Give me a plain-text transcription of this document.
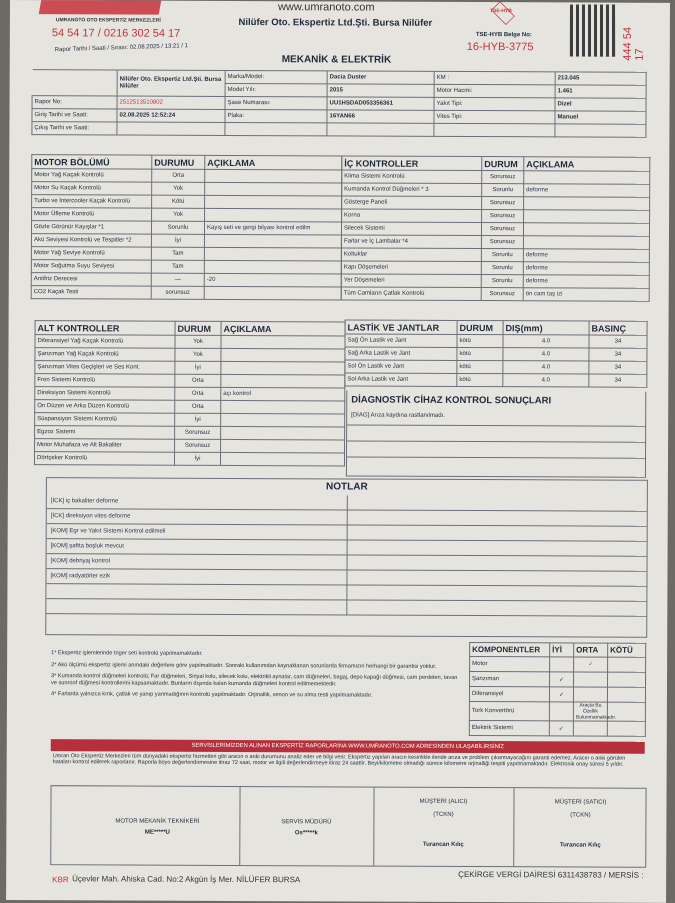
UMRANOTO OTO EKSPERTİZ MERKEZLERİ
54 54 17 / 0216 302 54 17
Rapor Tarihi / Saati / Sırası: 02.08.2025 / 13:21 / 1
www.umranoto.com
Nilüfer Oto. Ekspertiz Ltd.Şti. Bursa Nilüfer
MEKANİK & ELEKTRİK
TSE-HYB
TSE-HYB Belge No:
16-HYB-3775	444 54 17
	Nilüfer Oto. Ekspertiz Ltd.Şti. Bursa Nilüfer	Marka/Model:	Dacia Duster	KM :	213.045
		Model Yılı:	2015	Motor Hacmi:	1.461
Rapor No:	2512513510802	Şase Numarası:	UU1HSDAD053356361	Yakıt Tipi:	Dizel
Giriş Tarihi ve Saati:	02.08.2025 12:52:24	Plaka:	16YAN66	Vites Tipi:	Manuel
Çıkış Tarihi ve Saati:					
MOTOR BÖLÜMÜ	DURUMU	AÇIKLAMA
Motor Yağ Kaçak Kontrolü	Orta	
Motor Su Kaçak Kontrolü	Yok	
Turbo ve İntercooler Kaçak Kontrolü	Kötü	
Motor Üfleme Kontrolü	Yok	
Gözle Görünür Kayışlar *1	Sorunlu	Kayış seti ve gergi bilyası kontrol edilm
Akü Seviyesi Kontrolü ve Tespitler *2	İyi	
Motor Yağ Seviye Kontrolü	Tam	
Motor Soğutma Suyu Seviyesi	Tam	
Antifriz Derecesi	—	-20
CO2 Kaçak Testi	sorunsuz	
İÇ KONTROLLER	DURUM	AÇIKLAMA
Klima Sistemi Kontrolü	Sorunsuz	
Kumanda Kontrol Düğmeleri * 3	Sorunlu	deforme
Gösterge Paneli	Sorunsuz	
Korna	Sorunsuz	
Silecek Sistemi	Sorunsuz	
Farlar ve İç Lambalar *4	Sorunsuz	
Koltuklar	Sorunlu	deforme
Kapı Döşemeleri	Sorunlu	deforme
Yer Döşemeleri	Sorunlu	deforme
Tüm Camların Çatlak Kontrolü	Sorunsuz	ön cam taş izi
ALT KONTROLLER	DURUM	AÇIKLAMA
Diferansiyel Yağ Kaçak Kontrolü	Yok	
Şanzıman Yağ Kaçak Kontrolü	Yok	
Şanzıman Vites Geçişleri ve Ses Kont.	İyi	
Fren Sistemi Kontrolü	Orta	
Direksiyon Sistemi Kontrolü	Orta	açı kontrol
Ön Düzen ve Arka Düzen Kontrolü	Orta	
Süspansiyon Sistemi Kontrolü	İyi	
Egzoz Sistemi	Sorunsuz	
Motor Muhafaza ve Alt Bakaliter	Sorunsuz	
Dörtçeker Kontrolü	İyi	
LASTİK VE JANTLAR	DURUM	DIŞ(mm)	BASINÇ
Sağ Ön Lastik ve Jant	kötü	4.0	34
Sağ Arka Lastik ve Jant	kötü	4.0	34
Sol Ön Lastik ve Jant	kötü	4.0	34
Sol Arka Lastik ve Jant	kötü	4.0	34
DİAGNOSTİK CİHAZ KONTROL SONUÇLARI
[DİAG] Arıza kaydına rastlanılmadı.
NOTLAR
[İCK] iç bakaliter deforme
[İCK] direksiyon vites deforme
[KOM] Egr ve Yakıt Sistemi Kontrol edilmeli
[KOM] şaftta boşluk mevcut
[KOM] debriyaj kontrol
[KOM] radyatörler ezik
1* Ekspertiz işlemlerinde triger seti kontrolü yapılmamaktadır.
2* Akü ölçümü ekspertiz işlemi anındaki değerlere göre yapılmaktadır. Sonraki kullanımdan kaynaklanan sorunlarda firmamızın herhangi bir garantisi yoktur.
3* Kumanda kontrol düğmeleri kontrolü; Far düğmeleri, Sinyal kolu, silecek kolu, elektrikli aynalar, cam düğmeleri, bagaj, depo kapağı düğmesi, cam perdeleri, tavan ve sunroof düğmesi kontrollerini kapsamaktadır. Bunların dışında kalan kumanda düğmeleri kontrol edilmemektedir.
4* Farlarda yalnızca kırık, çatlak ve yanıp yanmadığının kontrolü yapılmaktadır. Orjinallik, xenon ve su alma testi yapılmamaktadır.
KOMPONENTLER	İYİ	ORTA	KÖTÜ
Motor		✓	
Şanzıman	✓		
Diferansiyel	✓		
Tork Konvertörü		Araçta Bu Özellik Bulunmamaktadır.	
Elektrik Sistemi	✓		
SERVİSLERİMİZDEN ALINAN EKSPERTİZ RAPORLARINA WWW.UMRANOTO.COM ADRESİNDEN ULAŞABİLİRSİNİZ
Umran Oto Ekspertiz Merkezleri tüm dünyadaki ekspertiz hizmetleri gibi aracın o anki durumunu analiz eder ve bilgi verir. Ekspertiz yapılan aracın kesinlikle ileride arıza ve problem çıkarmayacağını garanti edemez. Aracın o anki görülen hataları kontrol edilerek raporlanır. Raporla boyo değerlendirmesine itiraz 72 saat, motor ve ilgili değerlendirmeye itiraz 24 saattir. Beyi/kilometre olmadığı sürece kilometre orjinalliği tespiti yapılmamaktadır. Elektronik onay süresi 5 yıldır.
MOTOR MEKANİK TEKNİKERİ
ME*****U
SERVİS MÜDÜRÜ
Os*****k
MÜŞTERİ (ALICI)
(TCKN)
Turancan Kılıç
MÜŞTERİ (SATICI)
(TCKN)
Turancan Kılıç
KBR Üçevler Mah. Ahiska Cad. No:2 Akgün İş Mer. NİLÜFER BURSA	ÇEKİRGE VERGİ DAİRESİ 6311438783 / MERSİS :
